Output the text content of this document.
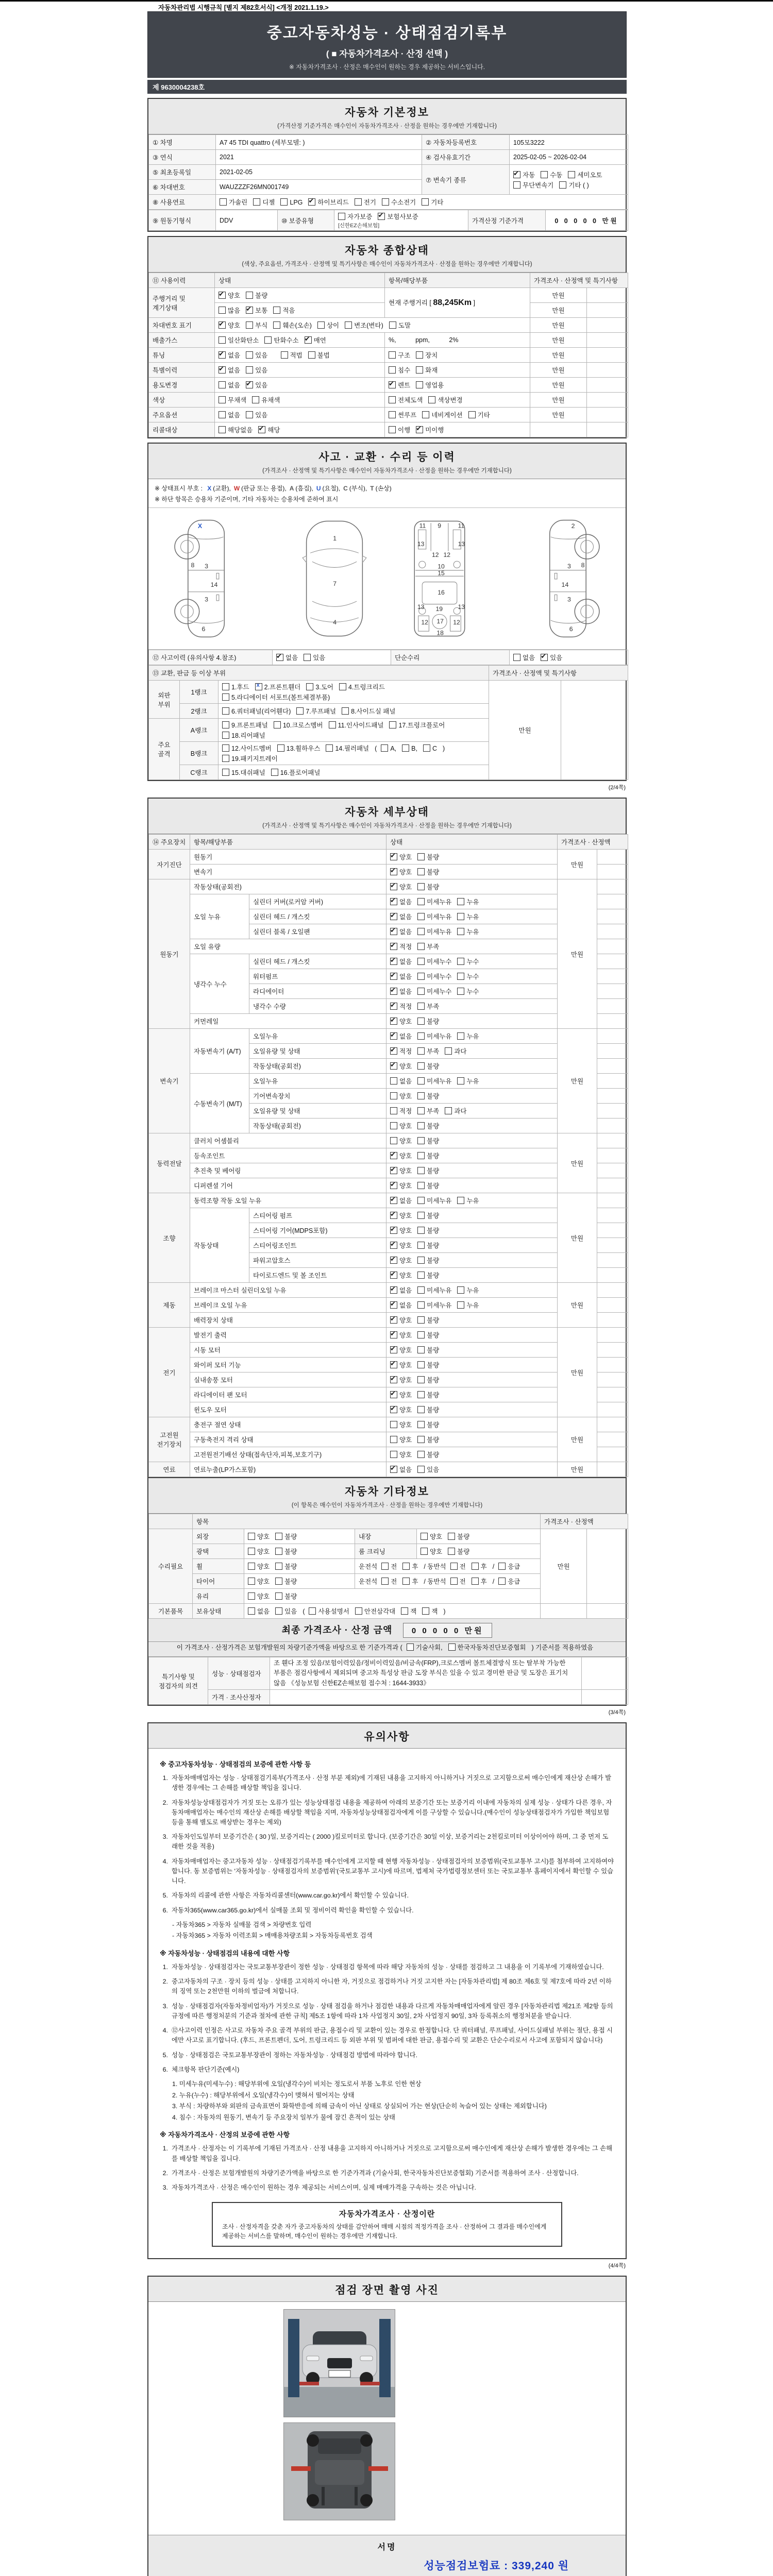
자동차관리법 시행규칙 [별지 제82호서식] <개정 2021.1.19.>
중고자동차성능 · 상태점검기록부
( ■ 자동차가격조사 · 산정 선택 )
※ 자동차가격조사 · 산정은 매수인이 원하는 경우 제공하는 서비스입니다.
제 9630004238호
자동차 기본정보
(가격산정 기준가격은 매수인이 자동차가격조사 · 산정을 원하는 경우에만 기재합니다)
① 차명	A7 45 TDI quattro (세부모델: )	② 자동차등록번호	105모3222
③ 연식	2021	④ 검사유효기간	2025-02-05 ~ 2026-02-04
⑤ 최초등록일	2021-02-05	⑦ 변속기 종류	✔자동 수동 세미오토
무단변속기 기타 ( )
⑥ 차대번호	WAUZZZF26MN001749		
⑧ 사용연료	가솔린 디젤 LPG ✔ 하이브리드 전기 수소전기 기타
⑨ 원동기형식	DDV	⑩ 보증유형	자가보증 ✔ 보험사보증[신한EZ손해보험]	가격산정 기준가격	0 0 0 0 0 만원
자동차 종합상태
(색상, 주요옵션, 가격조사 · 산정액 및 특기사항은 매수인이 자동차가격조사 · 산정을 원하는 경우에만 기재합니다)
⑪ 사용이력	상태	항목/해당부품	가격조사 · 산정액 및 특기사항	
주행거리 및 계기상태	✔양호 불량	현재 주행거리 [ 88,245Km ]	만원	
	많음 ✔ 보통 적음		만원	
차대번호 표기	✔양호 부식 훼손(오손) 상이 변조(변타) 도말		만원	
배출가스	일산화탄소 탄화수소 ✔ 매연	%,   ppm,   2%	만원	
튜닝	✔없음 있음  적법 불법	구조 장치	만원	
특별이력	✔없음 있음	침수 화재	만원	
용도변경	없음 ✔ 있음	✔렌트 영업용	만원	
색상	무채색 유채색	전체도색 색상변경	만원	
주요옵션	없음 있음	썬루프 네비게이션 기타	만원	
리콜대상	해당없음 ✔ 해당	이행 ✔ 미이행		
사고 · 교환 · 수리 등 이력
(가격조사 · 산정액 및 특기사항은 매수인이 자동차가격조사 · 산정을 원하는 경우에만 기재합니다)
※ 상태표시 부호 : X (교환), W (판금 또는 용접), A (흠집), U (요철), C (부식), T (손상)
※ 하단 항목은 승용차 기준이며, 기타 자동차는 승용차에 준하여 표시
X
8 3
14
3
6
1
7
4
9
11	11
13
12 12
13
10
15
16
13 19 13
12 17 12
18
2
3 8
14
3
6
⑫ 사고이력 (유의사항 4.참조)	✔없음 있음	단순수리	없음 ✔ 있음
⑬ 교환, 판금 등 이상 부위			가격조사 · 산정액 및 특기사항	
외판 부위	1랭크	1.후드 x 2.프론트휀더 3.도어 4.트렁크리드
5.라디에이터 서포트(볼트체결부품)	만원	
	2랭크	6.쿼터패널(리어휀다) 7.루프패널 8.사이드실 패널		
주요 골격	A랭크	9.프론트패널 10.크로스멤버 11.인사이드패널 17.트렁크플로어
18.리어패널		
	B랭크	12.사이드멤버 13.휠하우스 14.필러패널 ( A, B, C )
19.패키지트레이		
	C랭크	15.대쉬패널 16.플로어패널		
(2/4쪽)
자동차 세부상태
(가격조사 · 산정액 및 특기사항은 매수인이 자동차가격조사 · 산정을 원하는 경우에만 기재합니다)
⑭ 주요장치	항목/해당부품		상태	가격조사 · 산정액	
자기진단	원동기	✔양호 불량	만원	
	변속기	✔양호 불량	
원동기	작동상태(공회전)	✔양호 불량	만원	
	오일 누유	실린더 커버(로커암 커버)	✔없음 미세누유 누유	
		실린더 헤드 / 개스킷	✔없음 미세누유 누유	
		실린더 블록 / 오일팬	✔없음 미세누유 누유	
	오일 유량	✔적정 부족	
	냉각수 누수	실린더 헤드 / 개스킷	✔없음 미세누수 누수	
		워터펌프	✔없음 미세누수 누수	
		라디에이터	✔없음 미세누수 누수	
		냉각수 수량	✔적정 부족	
	커먼레일	✔양호 불량	
변속기	자동변속기 (A/T)	오일누유	✔없음 미세누유 누유	만원	
		오일유량 및 상태	✔적정 부족 과다	
		작동상태(공회전)	✔양호 불량	
	수동변속기 (M/T)	오일누유	없음 미세누유 누유		
		기어변속장치	양호 불량		
		오일유량 및 상태	적정 부족 과다		
		작동상태(공회전)	양호 불량		
동력전달	클러치 어셈블리		양호 불량	만원	
	등속조인트	✔양호 불량	
	추진축 및 베어링	✔양호 불량	
	디퍼렌셜 기어	✔양호 불량	
조향	동력조향 작동 오일 누유	✔없음 미세누유 누유	만원	
	작동상태	스티어링 펌프	✔양호 불량	
		스티어링 기어(MDPS포함)	✔양호 불량	
		스티어링조인트	✔양호 불량	
		파워고압호스	✔양호 불량	
		타이로드엔드 및 볼 조인트	✔양호 불량	
제동	브레이크 마스터 실린더오일 누유	✔없음 미세누유 누유	만원	
	브레이크 오일 누유	✔없음 미세누유 누유	
	배력장치 상태	✔양호 불량	
전기	발전기 출력	✔양호 불량	만원	
	시동 모터	✔양호 불량	
	와이퍼 모터 기능	✔양호 불량	
	실내송풍 모터	✔양호 불량	
	라디에이터 팬 모터	✔양호 불량	
	윈도우 모터	✔양호 불량	
고전원 전기장치	충전구 절연 상태		양호 불량	만원	
	구동축전지 격리 상태		양호 불량		
	고전원전기배선 상태(접속단자,피복,보호기구)		양호 불량		
연료	연료누출(LP가스포함)	✔없음 있음	만원	
자동차 기타정보
(이 항목은 매수인이 자동차가격조사 · 산정을 원하는 경우에만 기재합니다)
	항목				가격조사 · 산정액	
수리필요	외장	양호 불량	내장	양호 불량	만원	
	광택	양호 불량	룸 크리닝	양호 불량		
	휠	양호 불량	운전석 전 후 / 동반석 전 후 / 응급			
	타이어	양호 불량	운전석 전 후 / 동반석 전 후 / 응급			
	유리	양호 불량				
기본품목	보유상태	없음 있음 ( 사용설명서 안전삼각대 잭 잭 )				
최종 가격조사 · 산정 금액 0 0 0 0 0 만원
이 가격조사 · 산정가격은 보험개발원의 차량기준가액을 바탕으로 한 기준가격과 ( 기술사회, 한국자동차진단보증협회 ) 기준서를 적용하였음
특기사항 및 점검자의 의견	성능 · 상태점검자	조 휀다 조정 있음/보험이력있음/정비이력있음/비금속(FRP),크로스멤버 볼트체결방식 또는 탈부착 가능한 부품은 점검사항에서 제외되며 중고차 특성상 판금 도장 부식은 있을 수 있고 경미한 판금 및 도장은 표기치 않음 《성능보험 신한EZ손해보험 접수처 : 1644-3933》	
	가격 · 조사산정자		
(3/4쪽)
유의사항
※ 중고자동차성능 · 상태점검의 보증에 관한 사항 등
1. 자동차매매업자는 성능 · 상태점검기록부(가격조사 · 산정 부분 제외)에 기재된 내용을 고지하지 아니하거나 거짓으로 고지함으로써 매수인에게 재산상 손해가 발생한 경우에는 그 손해를 배상할 책임을 집니다.
2. 자동차성능상태점검자가 거짓 또는 오류가 있는 성능상태점검 내용을 제공하여 아래의 보증기간 또는 보증거리 이내에 자동차의 실제 성능 · 상태가 다른 경우, 자동차매매업자는 매수인의 재산상 손해를 배상할 책임을 지며, 자동차성능상태점검자에게 이를 구상할 수 있습니다.(매수인이 성능상태점검자가 가입한 책임보험 등을 통해 별도로 배상받는 경우는 제외)
3. 자동차인도일부터 보증기간은 ( 30 )일, 보증거리는 ( 2000 )킬로미터로 합니다. (보증기간은 30일 이상, 보증거리는 2천킬로미터 이상이어야 하며, 그 중 먼저 도래한 것을 적용)
4. 자동차매매업자는 중고자동차 성능 · 상태점검기록부를 매수인에게 고지할 때 현행 자동차성능 · 상태점검자의 보증범위(국토교통부 고시)를 첨부하여 고지하여야 합니다. 동 보증범위는 '자동차성능 · 상태점검자의 보증범위'(국토교통부 고시)에 따르며, 법제처 국가법령정보센터 또는 국토교통부 홈페이지에서 확인할 수 있습니다.
5. 자동차의 리콜에 관한 사항은 자동차리콜센터(www.car.go.kr)에서 확인할 수 있습니다.
6. 자동차365(www.car365.go.kr)에서 실매물 조회 및 정비이력 확인을 확인할 수 있습니다.
- 자동차365 > 자동차 실매물 검색 > 차량번호 입력
- 자동차365 > 자동차 이력조회 > 매매용차량조회 > 자동차등록번호 검색
※ 자동차성능 · 상태점검의 내용에 대한 사항
1. 자동차성능 · 상태점검자는 국토교통부장관이 정한 성능 · 상태점검 항목에 따라 해당 자동차의 성능 · 상태를 점검하고 그 내용을 이 기록부에 기재하였습니다.
2. 중고자동차의 구조 · 장치 등의 성능 · 상태를 고지하지 아니한 자, 거짓으로 점검하거나 거짓 고지한 자는 [자동차관리법] 제 80조 제6호 및 제7호에 따라 2년 이하의 징역 또는 2천만원 이하의 벌금에 처합니다.
3. 성능 · 상태점검자(자동차정비업자)가 거짓으로 성능 · 상태 점검을 하거나 점검한 내용과 다르게 자동차매매업자에게 알린 경우 [자동차관리법 제21조 제2항 등의 규정에 따른 행정처분의 기준과 절차에 관한 규칙] 제5조 1항에 따라 1차 사업정지 30일, 2차 사업정지 90일, 3차 등록취소의 행정처분을 받습니다.
4. ⑫사고이력 인정은 사고로 자동차 주요 골격 부위의 판금, 용접수리 및 교환이 있는 경우로 한정합니다. 단 쿼터패널, 루프패널, 사이드실패널 부위는 절단, 용접 시에만 사고로 표기합니다. (후드, 프론트펜더, 도어, 트렁크리드 등 외판 부위 및 범퍼에 대한 판금, 용접수리 및 교환은 단순수리로서 사고에 포함되지 않습니다)
5. 성능 · 상태점검은 국토교통부장관이 정하는 자동차성능 · 상태점검 방법에 따라야 합니다.
6. 체크항목 판단기준(예시)
1. 미세누유(미세누수) : 해당부위에 오일(냉각수)이 비치는 정도로서 부품 노후로 인한 현상
2. 누유(누수) : 해당부위에서 오일(냉각수)이 맺혀서 떨어지는 상태
3. 부식 : 차량하부와 외판의 금속표면이 화학반응에 의해 금속이 아닌 상태로 상실되어 가는 현상(단순히 녹슬어 있는 상태는 제외합니다)
4. 침수 : 자동차의 원동기, 변속기 등 주요장치 일부가 물에 잠긴 흔적이 있는 상태
※ 자동차가격조사 · 산정의 보증에 관한 사항
1. 가격조사 · 산정자는 이 기록부에 기재된 가격조사 · 산정 내용을 고지하지 아니하거나 거짓으로 고지함으로써 매수인에게 재산상 손해가 발생한 경우에는 그 손해를 배상할 책임을 집니다.
2. 가격조사 · 산정은 보험개발원의 차량기준가액을 바탕으로 한 기준가격과 (기술사회, 한국자동차진단보증협회) 기준서를 적용하여 조사 · 산정합니다.
3. 자동차가격조사 · 산정은 매수인이 원하는 경우 제공되는 서비스이며, 실제 매매가격을 구속하는 것은 아닙니다.
자동차가격조사 · 산정이란
조사 · 산정자격을 갖춘 자가 중고자동차의 상태를 감안하여 매매 시점의 적정가격을 조사 · 산정하여 그 결과를 매수인에게 제공하는 서비스를 말하며, 매수인이 원하는 경우에만 기재합니다.
(4/4쪽)
점검 장면 촬영 사진
서명
성능점검보험료 : 339,240 원
